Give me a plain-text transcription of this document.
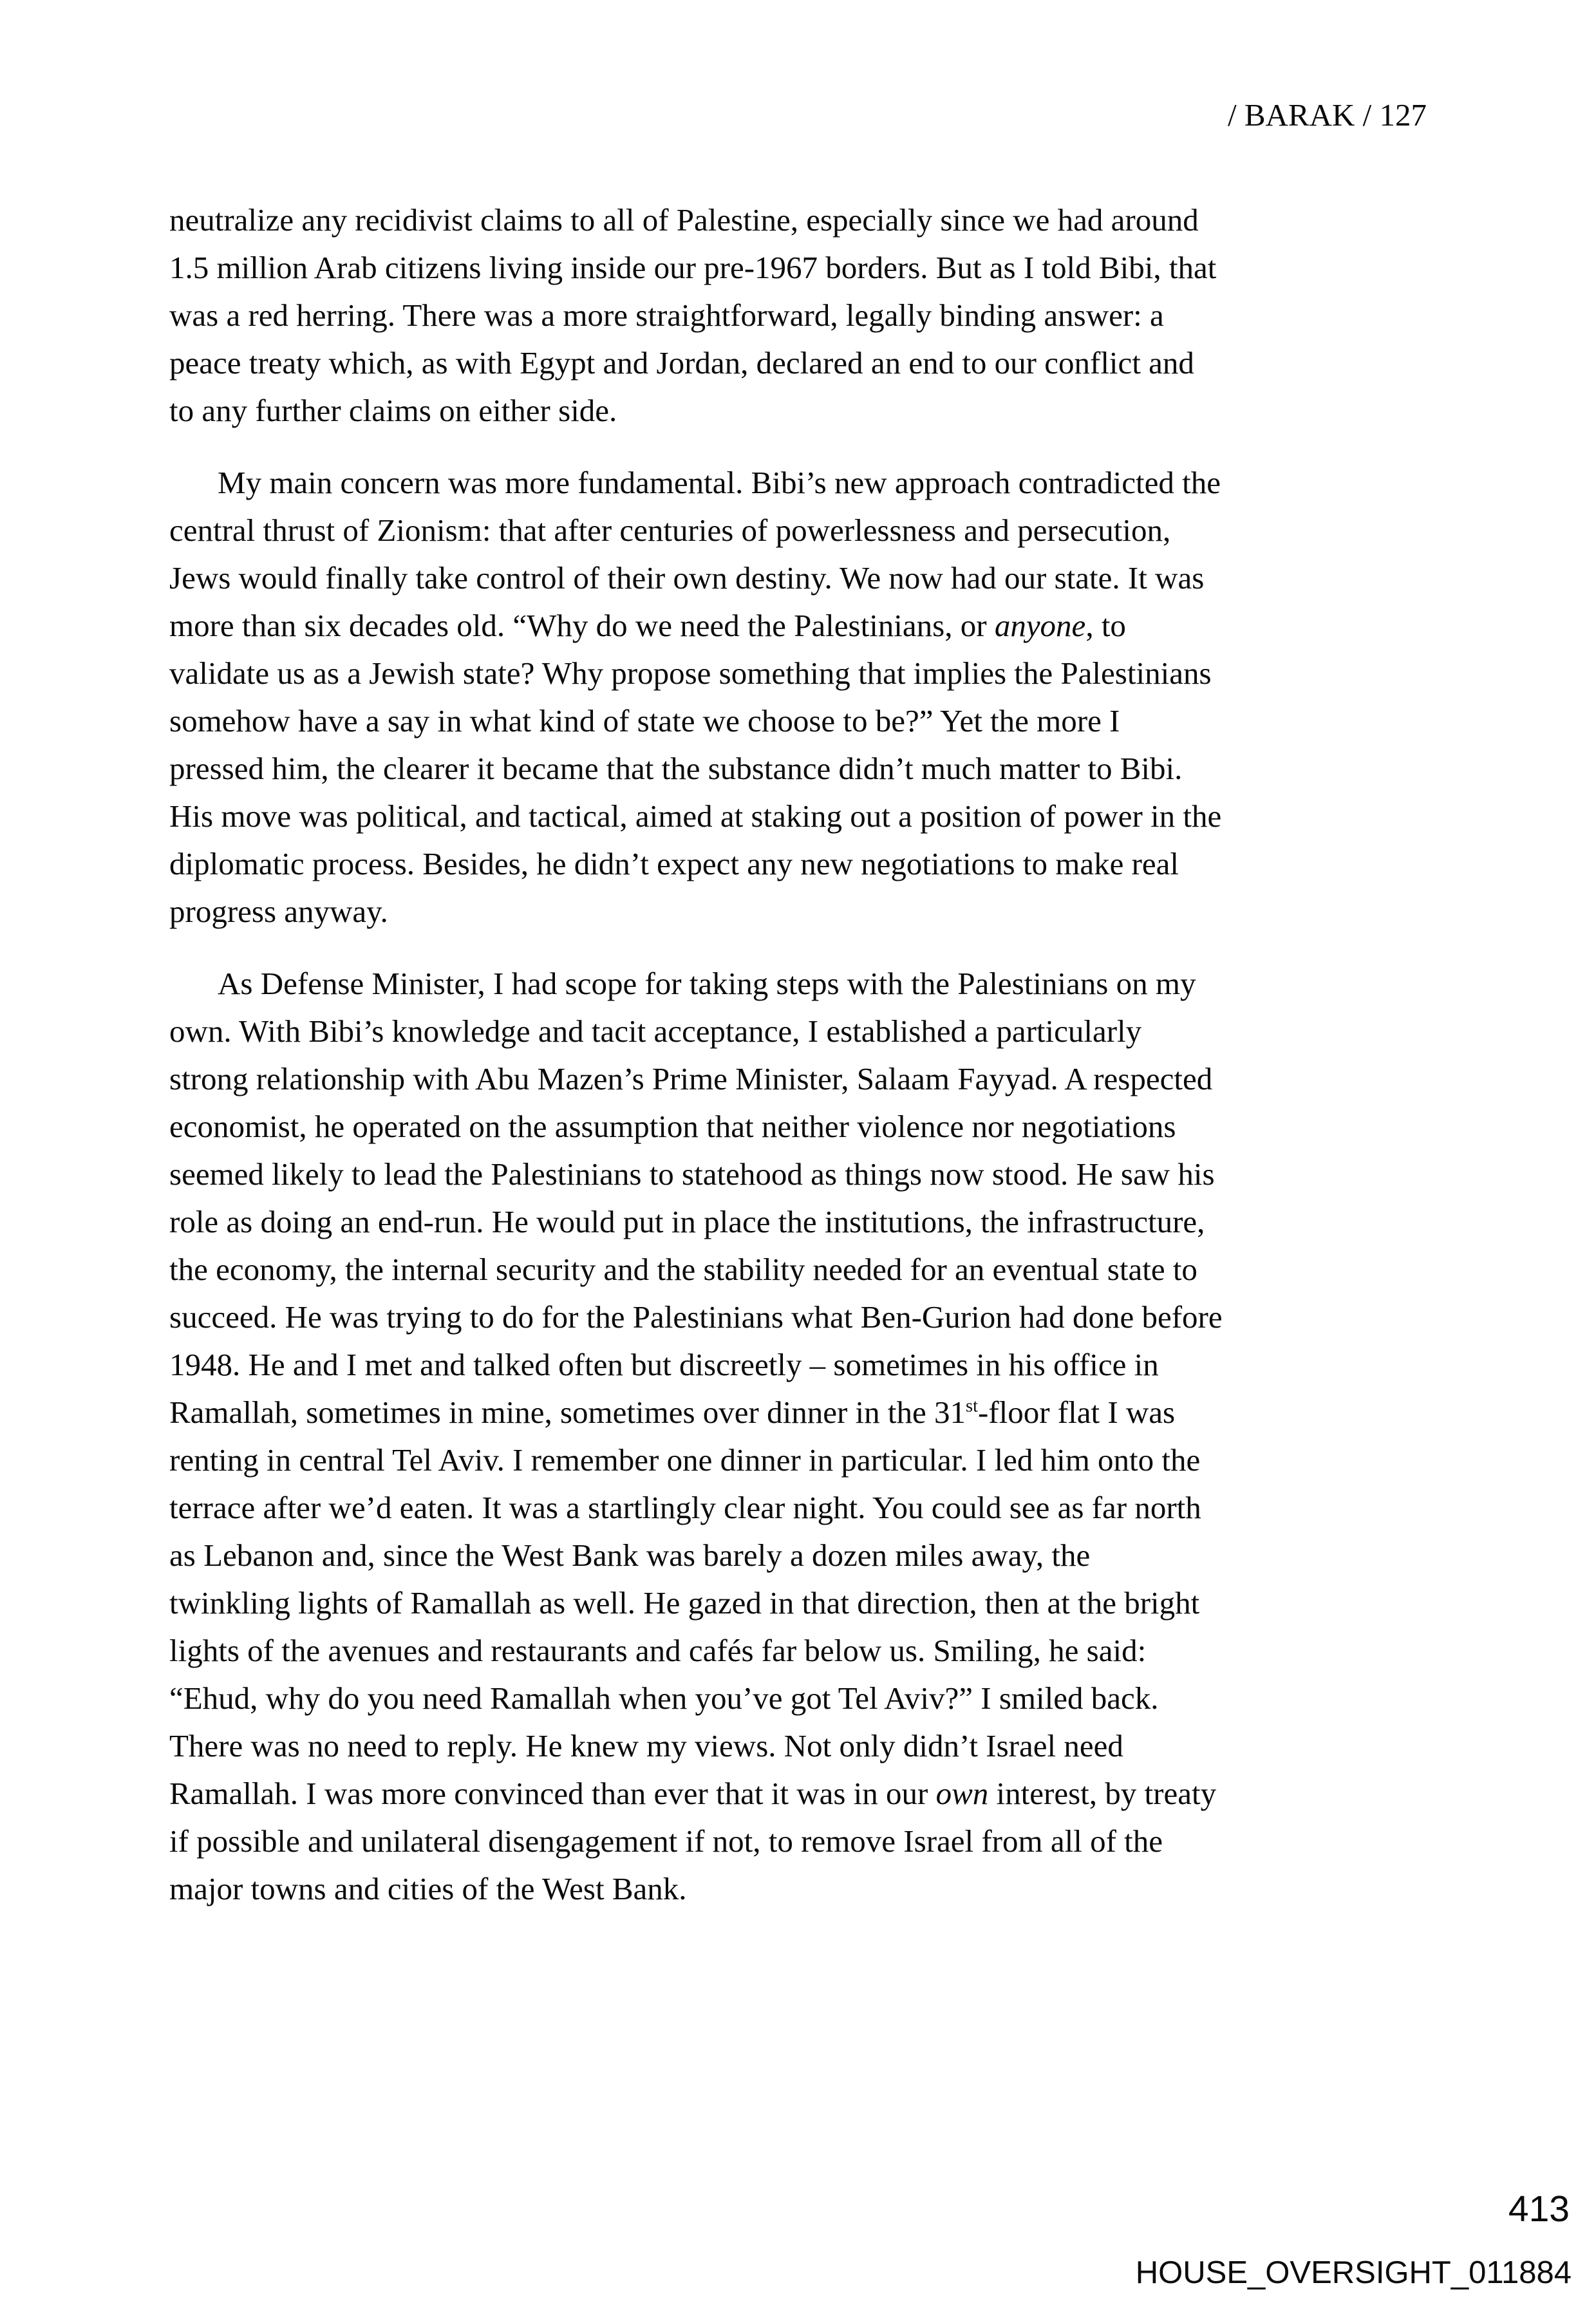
/ BARAK / 127
neutralize any recidivist claims to all of Palestine, especially since we had around
1.5 million Arab citizens living inside our pre-1967 borders. But as I told Bibi, that
was a red herring. There was a more straightforward, legally binding answer: a
peace treaty which, as with Egypt and Jordan, declared an end to our conflict and
to any further claims on either side.
My main concern was more fundamental. Bibi’s new approach contradicted the
central thrust of Zionism: that after centuries of powerlessness and persecution,
Jews would finally take control of their own destiny. We now had our state. It was
more than six decades old. “Why do we need the Palestinians, or anyone, to
validate us as a Jewish state? Why propose something that implies the Palestinians
somehow have a say in what kind of state we choose to be?” Yet the more I
pressed him, the clearer it became that the substance didn’t much matter to Bibi.
His move was political, and tactical, aimed at staking out a position of power in the
diplomatic process. Besides, he didn’t expect any new negotiations to make real
progress anyway.
As Defense Minister, I had scope for taking steps with the Palestinians on my
own. With Bibi’s knowledge and tacit acceptance, I established a particularly
strong relationship with Abu Mazen’s Prime Minister, Salaam Fayyad. A respected
economist, he operated on the assumption that neither violence nor negotiations
seemed likely to lead the Palestinians to statehood as things now stood. He saw his
role as doing an end-run. He would put in place the institutions, the infrastructure,
the economy, the internal security and the stability needed for an eventual state to
succeed. He was trying to do for the Palestinians what Ben-Gurion had done before
1948. He and I met and talked often but discreetly – sometimes in his office in
Ramallah, sometimes in mine, sometimes over dinner in the 31st-floor flat I was
renting in central Tel Aviv. I remember one dinner in particular. I led him onto the
terrace after we’d eaten. It was a startlingly clear night. You could see as far north
as Lebanon and, since the West Bank was barely a dozen miles away, the
twinkling lights of Ramallah as well. He gazed in that direction, then at the bright
lights of the avenues and restaurants and cafés far below us. Smiling, he said:
“Ehud, why do you need Ramallah when you’ve got Tel Aviv?” I smiled back.
There was no need to reply. He knew my views. Not only didn’t Israel need
Ramallah. I was more convinced than ever that it was in our own interest, by treaty
if possible and unilateral disengagement if not, to remove Israel from all of the
major towns and cities of the West Bank.
413
HOUSE_OVERSIGHT_011884
